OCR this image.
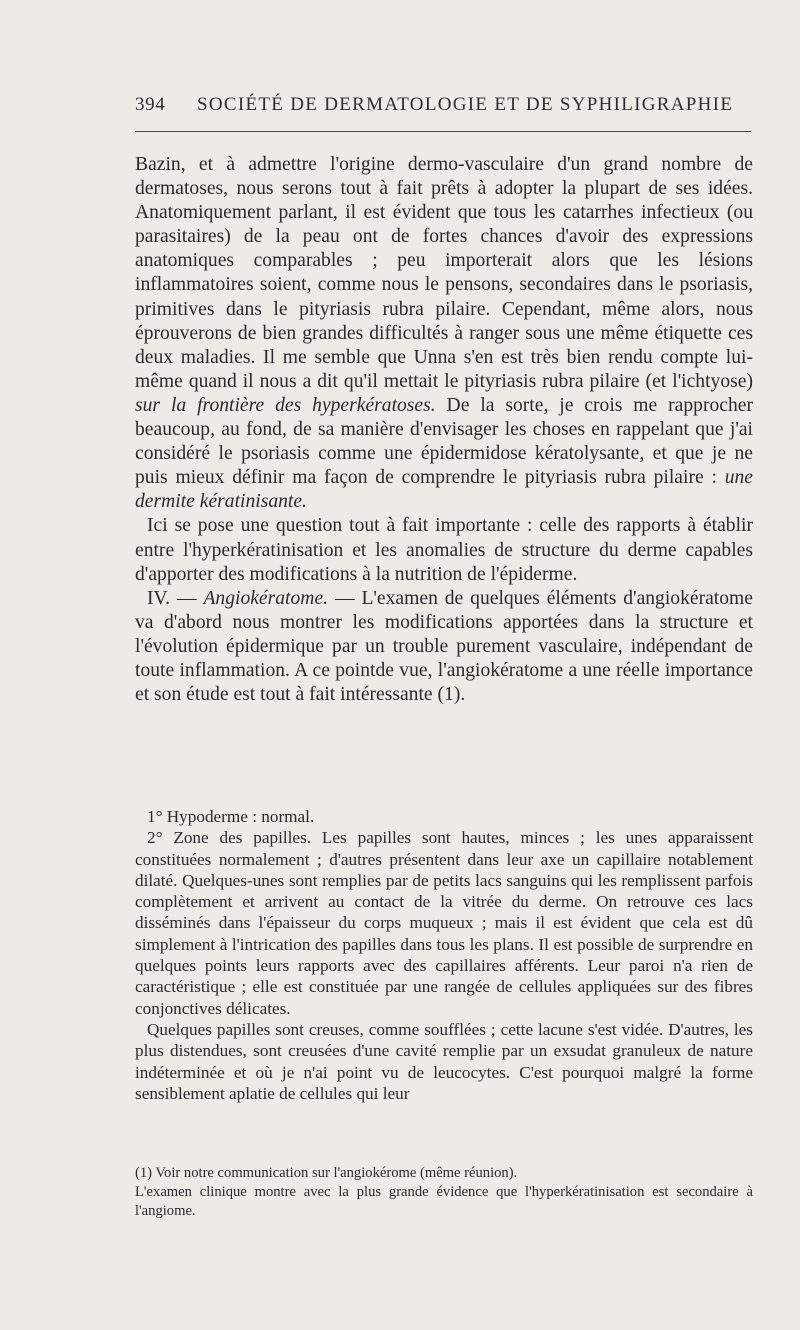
394 SOCIÉTÉ DE DERMATOLOGIE ET DE SYPHILIGRAPHIE

Bazin, et à admettre l'origine dermo-vasculaire d'un grand nombre de dermatoses, nous serons tout à fait prêts à adopter la plupart de ses idées. Anatomiquement parlant, il est évident que tous les catarrhes infectieux (ou parasitaires) de la peau ont de fortes chances d'avoir des expressions anatomiques comparables ; peu importerait alors que les lésions inflammatoires soient, comme nous le pensons, secondaires dans le psoriasis, primitives dans le pityriasis rubra pilaire. Cependant, même alors, nous éprouverons de bien grandes difficultés à ranger sous une même étiquette ces deux maladies. Il me semble que Unna s'en est très bien rendu compte lui-même quand il nous a dit qu'il mettait le pityriasis rubra pilaire (et l'ichtyose) sur la frontière des hyperkératoses. De la sorte, je crois me rapprocher beaucoup, au fond, de sa manière d'envisager les choses en rappelant que j'ai considéré le psoriasis comme une épidermidose kératolysante, et que je ne puis mieux définir ma façon de comprendre le pityriasis rubra pilaire : une dermite kératinisante.

Ici se pose une question tout à fait importante : celle des rapports à établir entre l'hyperkératinisation et les anomalies de structure du derme capables d'apporter des modifications à la nutrition de l'épiderme.

IV. — Angiokératome. — L'examen de quelques éléments d'angiokératome va d'abord nous montrer les modifications apportées dans la structure et l'évolution épidermique par un trouble purement vasculaire, indépendant de toute inflammation. A ce pointde vue, l'angiokératome a une réelle importance et son étude est tout à fait intéressante (1).

1° Hypoderme : normal.

2° Zone des papilles. Les papilles sont hautes, minces ; les unes apparaissent constituées normalement ; d'autres présentent dans leur axe un capillaire notablement dilaté. Quelques-unes sont remplies par de petits lacs sanguins qui les remplissent parfois complètement et arrivent au contact de la vitrée du derme. On retrouve ces lacs disséminés dans l'épaisseur du corps muqueux ; mais il est évident que cela est dû simplement à l'intrication des papilles dans tous les plans. Il est possible de surprendre en quelques points leurs rapports avec des capillaires afférents. Leur paroi n'a rien de caractéristique ; elle est constituée par une rangée de cellules appliquées sur des fibres conjonctives délicates.

Quelques papilles sont creuses, comme soufflées ; cette lacune s'est vidée. D'autres, les plus distendues, sont creusées d'une cavité remplie par un exsudat granuleux de nature indéterminée et où je n'ai point vu de leucocytes. C'est pourquoi malgré la forme sensiblement aplatie de cellules qui leur

(1) Voir notre communication sur l'angiokérome (même réunion).

L'examen clinique montre avec la plus grande évidence que l'hyperkératinisation est secondaire à l'angiome.
